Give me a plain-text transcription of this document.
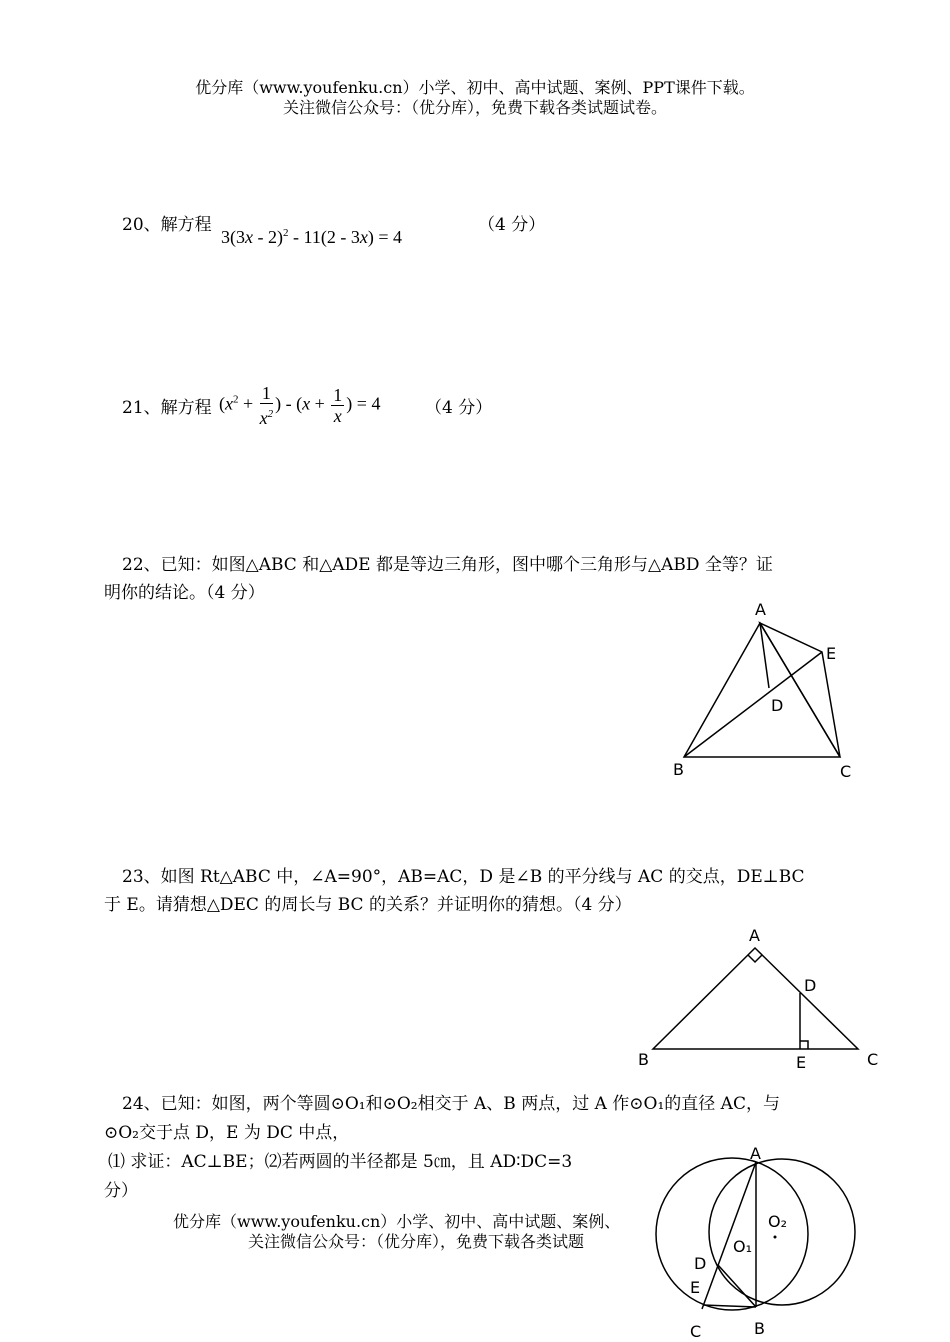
优分库（www.youfenku.cn）小学、初中、高中试题、案例、PPT课件下载。
关注微信公众号：（优分库），免费下载各类试题试卷。
20、解方程
3(3x - 2)$^2$ - 11(2 - 3x) = 4
（4 分）
21、解方程 ($x^2 + \frac{1}{x^2}$ ) - ($x + \frac{1}{x}$ ) = 4	（4 分）
22、已知：如图△ABC 和△ADE 都是等边三角形，图中哪个三角形与△ABD 全等？证
明你的结论。（4 分）
A
E
D
B	C
23、如图 Rt△ABC 中，∠A=90°，AB=AC，D 是∠B 的平分线与 AC 的交点，DE⊥BC
于 E。请猜想△DEC 的周长与 BC 的关系？并证明你的猜想。（4 分）
A
D
B	E	C
24、已知：如图，两个等圆⊙O₁和⊙O₂相交于 A、B 两点，过 A 作⊙O₁的直径 AC，与
⊙O₂交于点 D，E 为 DC 中点，
⑴ 求证：AC⊥BE；⑵若两圆的半径都是 5㎝，且 AD∶DC=3
分）
优分库（www.youfenku.cn）小学、初中、高中试题、案例、
关注微信公众号：（优分库），免费下载各类试题
A
O₂
O₁
D
E
C	B
